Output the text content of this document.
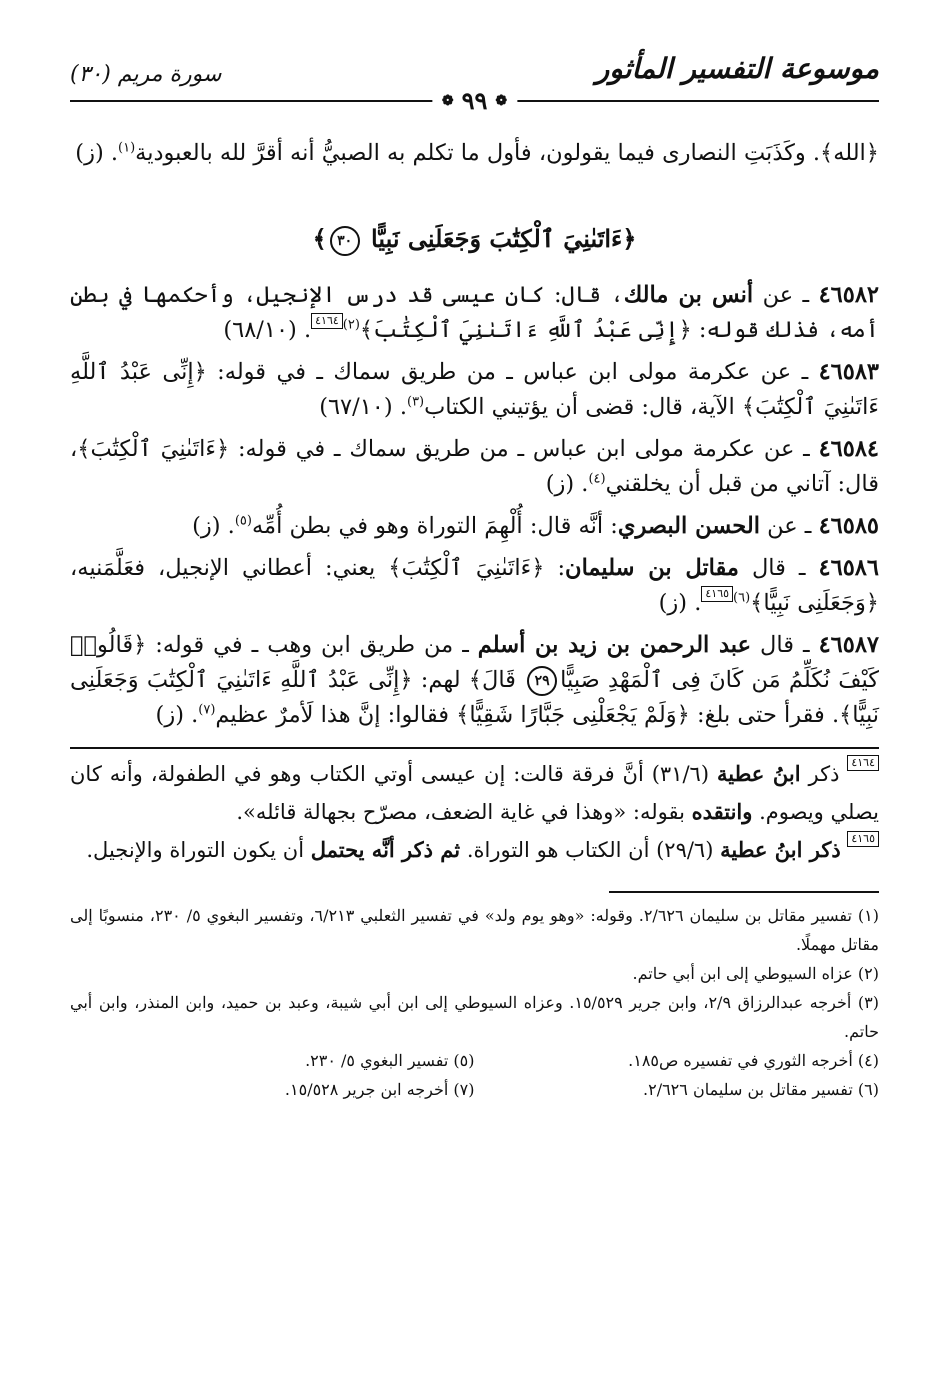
موسوعة التفسير المأثور
سورة مريم (٣٠)
❁
٩٩
❁

﴿الله﴾. وكَذَبَتِ النصارى فيما يقولون، فأول ما تكلم به الصبيُّ أنه أقرَّ لله بالعبودية$^{(١)}$. (ز)

﴿ءَاتَىٰنِيَ ٱلْكِتَٰبَ وَجَعَلَنِى نَبِيًّا ٣٠﴾

٤٦٥٨٢ ـ عن أنس بن مالك، قال: كان عيسى قد درس الإنجيل، وأحكمها في بطن أمه، فذلك قوله: ﴿إِنِّى عَبْدُ ٱللَّهِ ءَاتَىٰنِيَ ٱلْكِتَٰبَ﴾$^{(٢)}$٤١٦٤. (٦٨/١٠)

٤٦٥٨٣ ـ عن عكرمة مولى ابن عباس ـ من طريق سماك ـ في قوله: ﴿إِنِّى عَبْدُ ٱللَّهِ ءَاتَىٰنِيَ ٱلْكِتَٰبَ﴾ الآية، قال: قضى أن يؤتيني الكتاب$^{(٣)}$. (٦٧/١٠)

٤٦٥٨٤ ـ عن عكرمة مولى ابن عباس ـ من طريق سماك ـ في قوله: ﴿ءَاتَىٰنِيَ ٱلْكِتَٰبَ﴾، قال: آتاني من قبل أن يخلقني$^{(٤)}$. (ز)

٤٦٥٨٥ ـ عن الحسن البصري: أنَّه قال: أُلْهِمَ التوراة وهو في بطن أُمِّه$^{(٥)}$. (ز)

٤٦٥٨٦ ـ قال مقاتل بن سليمان: ﴿ءَاتَىٰنِيَ ٱلْكِتَٰبَ﴾ يعني: أعطاني الإنجيل، فعَلَّمَنيه، ﴿وَجَعَلَنِى نَبِيًّا﴾$^{(٦)}$٤١٦٥. (ز)

٤٦٥٨٧ ـ قال عبد الرحمن بن زيد بن أسلم ـ من طريق ابن وهب ـ في قوله: ﴿قَالُوا۟ كَيْفَ نُكَلِّمُ مَن كَانَ فِى ٱلْمَهْدِ صَبِيًّا٢٩ قَالَ﴾ لهم: ﴿إِنِّى عَبْدُ ٱللَّهِ ءَاتَىٰنِيَ ٱلْكِتَٰبَ وَجَعَلَنِى نَبِيًّا﴾. فقرأ حتى بلغ: ﴿وَلَمْ يَجْعَلْنِى جَبَّارًا شَقِيًّا﴾ فقالوا: إنَّ هذا لَأمرٌ عظيم$^{(٧)}$. (ز)

٤١٦٤ ذكر ابنُ عطية (٣١/٦) أنَّ فرقة قالت: إن عيسى أوتي الكتاب وهو في الطفولة، وأنه كان يصلي ويصوم. وانتقده بقوله: «وهذا في غاية الضعف، مصرّح بجهالة قائله».

٤١٦٥ ذكر ابنُ عطية (٢٩/٦) أن الكتاب هو التوراة. ثم ذكر أنَّه يحتمل أن يكون التوراة والإنجيل.

(١) تفسير مقاتل بن سليمان ٢/٦٢٦. وقوله: «وهو يوم ولد» في تفسير الثعلبي ٦/٢١٣، وتفسير البغوي ٥/ ٢٣٠، منسوبًا إلى مقاتل مهملًا.

(٢) عزاه السيوطي إلى ابن أبي حاتم.

(٣) أخرجه عبدالرزاق ٢/٩، وابن جرير ١٥/٥٢٩. وعزاه السيوطي إلى ابن أبي شيبة، وعبد بن حميد، وابن المنذر، وابن أبي حاتم.

(٤) أخرجه الثوري في تفسيره ص١٨٥.
(٥) تفسير البغوي ٥/ ٢٣٠.
(٦) تفسير مقاتل بن سليمان ٢/٦٢٦.
(٧) أخرجه ابن جرير ١٥/٥٢٨.
